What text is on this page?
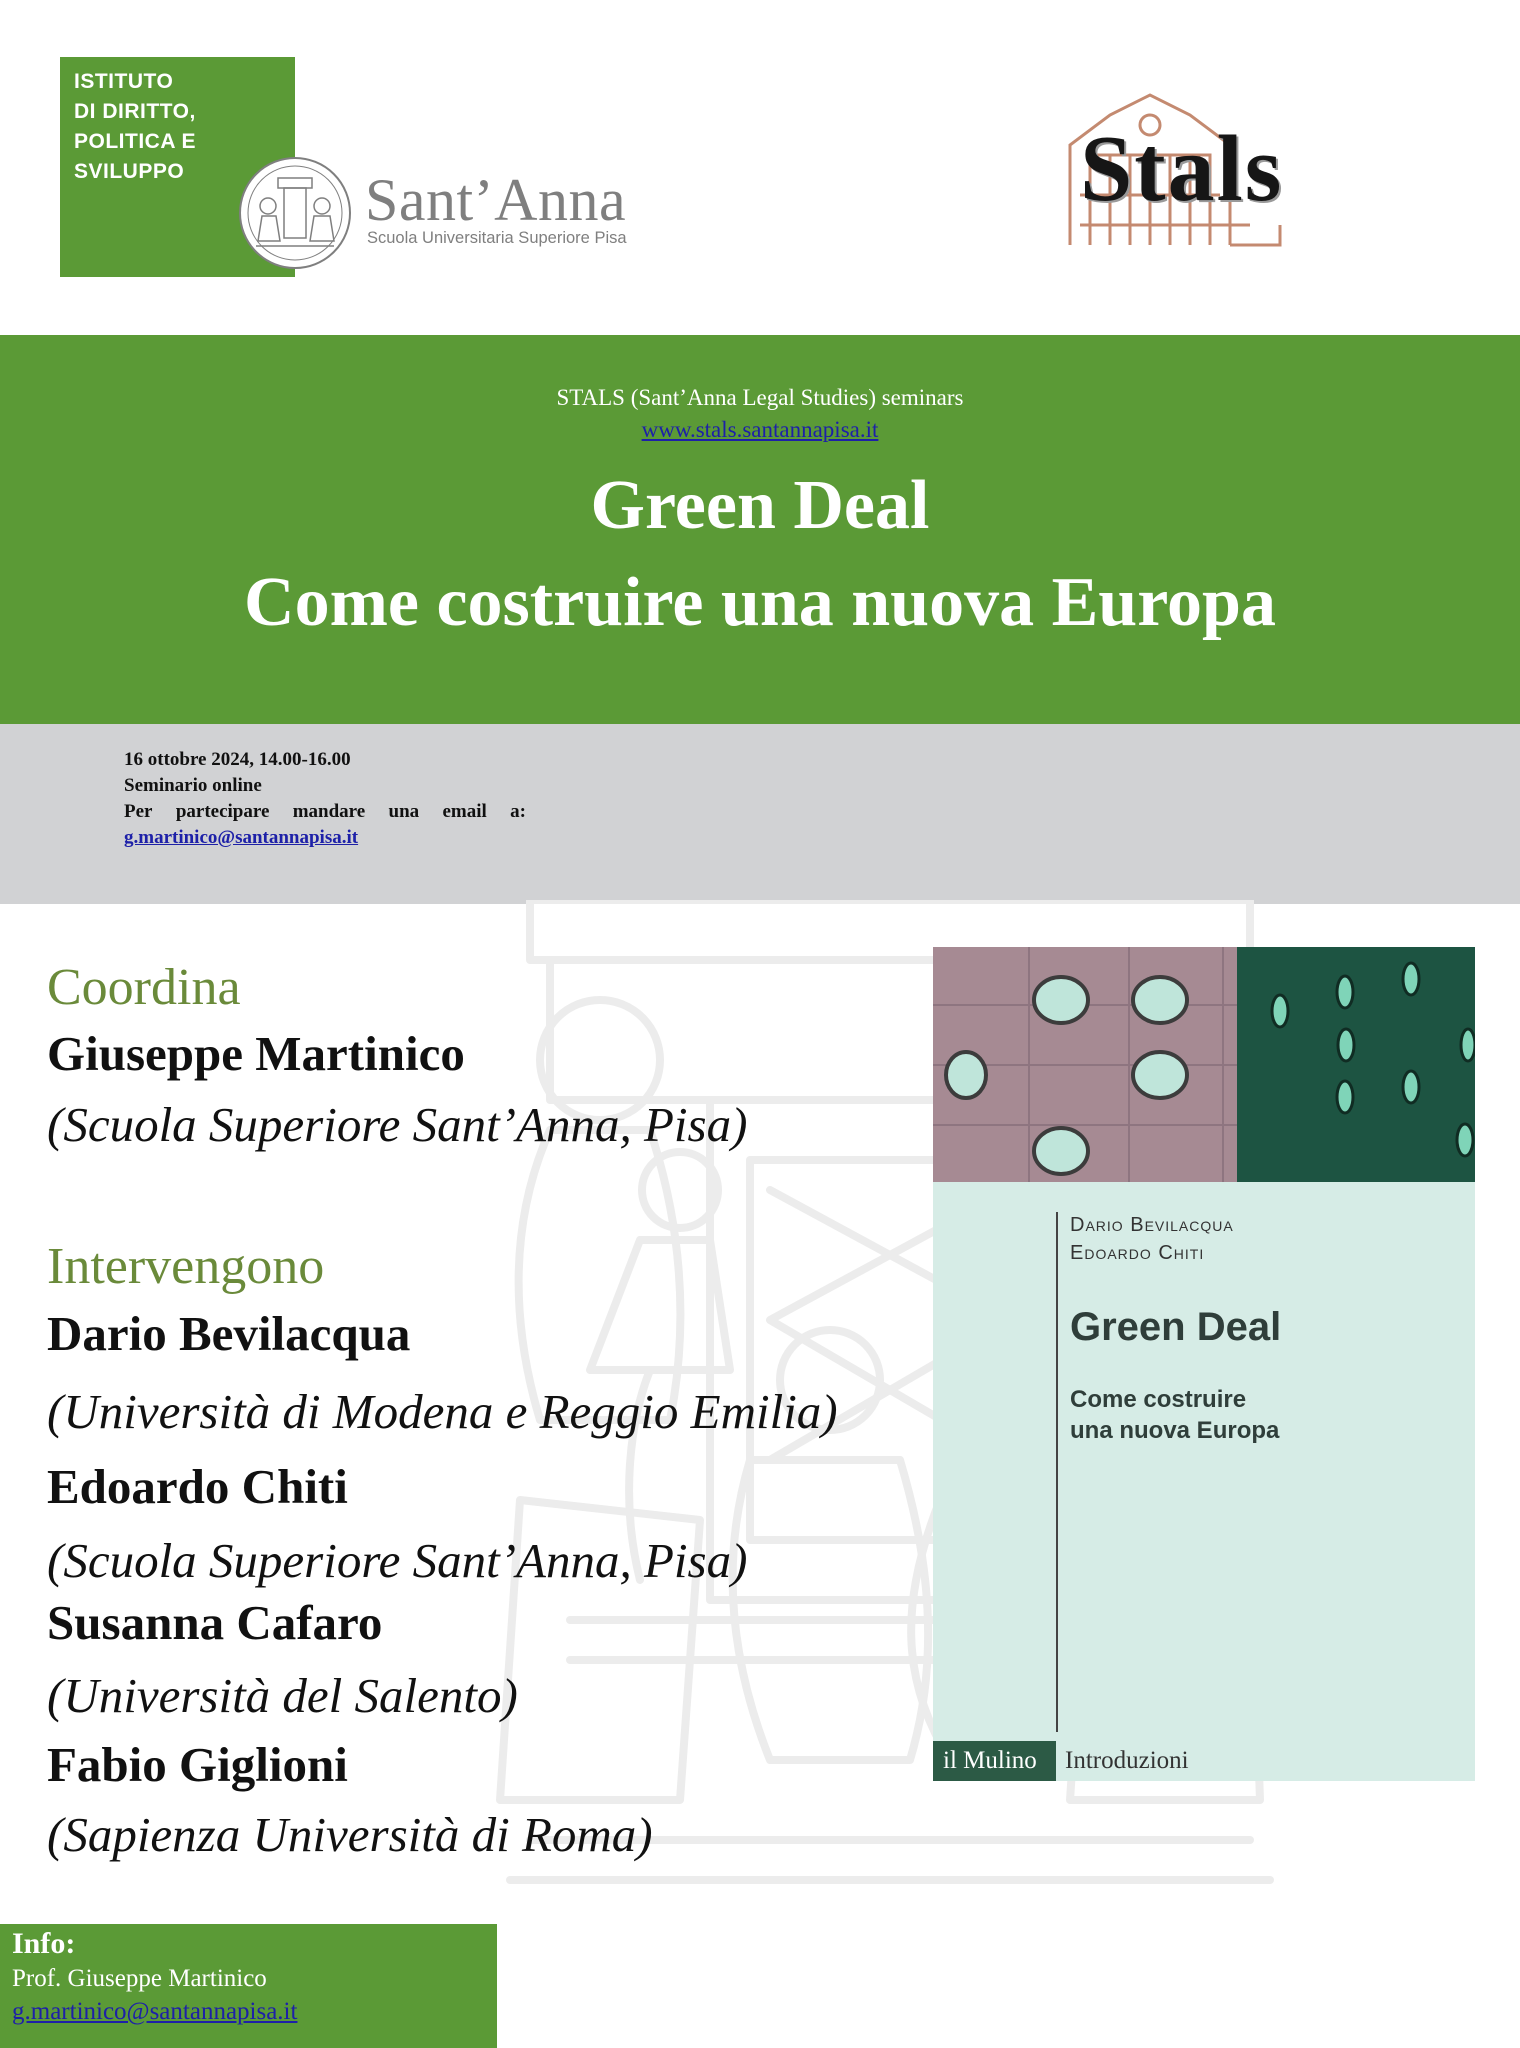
ISTITUTO
DI DIRITTO,
POLITICA E
SVILUPPO	Sant’Anna
Scuola Universitaria Superiore Pisa
Stals
STALS (Sant’Anna Legal Studies) seminars
www.stals.santannapisa.it
Green Deal
Come costruire una nuova Europa
16 ottobre 2024, 14.00-16.00
Seminario online
Per partecipare mandare una email a:
g.martinico@santannapisa.it
Coordina
Giuseppe Martinico
(Scuola Superiore Sant’Anna, Pisa)
Intervengono
Dario Bevilacqua
(Università di Modena e Reggio Emilia)
Edoardo Chiti
(Scuola Superiore Sant’Anna, Pisa)
Susanna Cafaro
(Università del Salento)
Fabio Giglioni
(Sapienza Università di Roma)
Dario Bevilacqua
Edoardo Chiti
Green Deal
Come costruire
una nuova Europa
il Mulino	Introduzioni
Info:
Prof. Giuseppe Martinico
g.martinico@santannapisa.it
